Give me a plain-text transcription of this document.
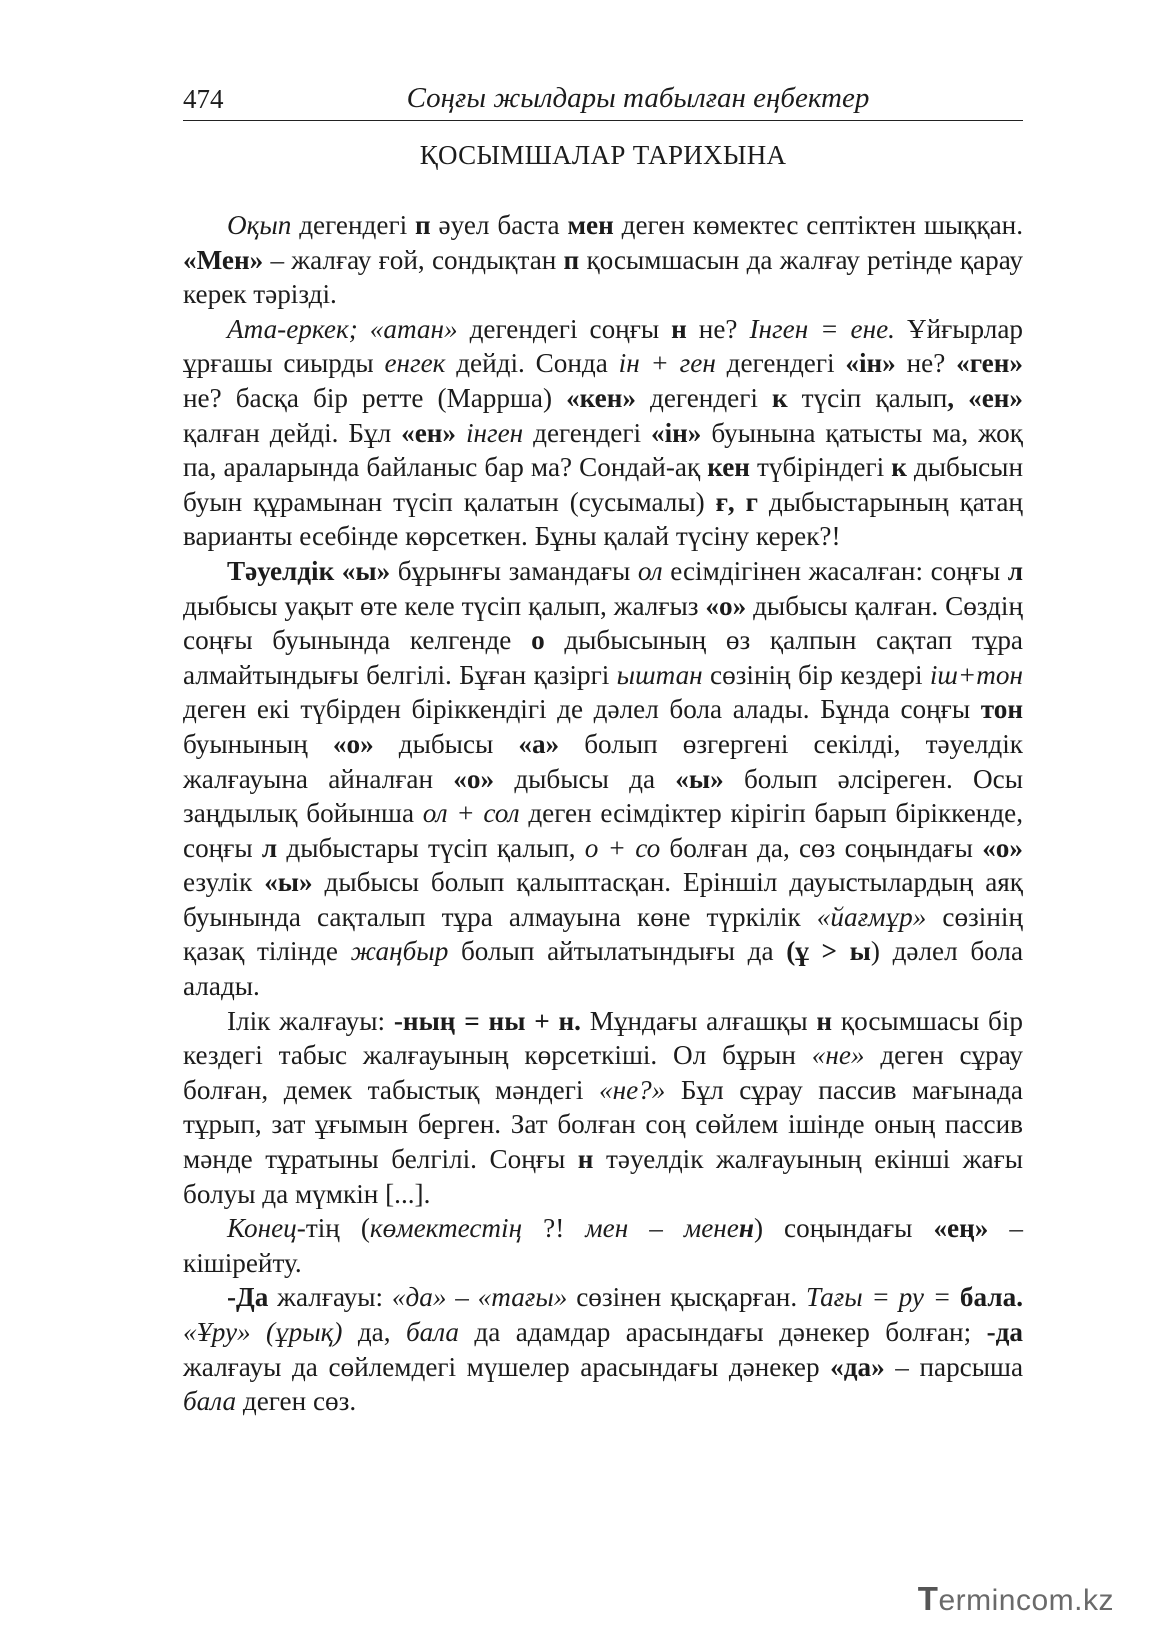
474	Соңғы жылдары табылған еңбектер
ҚОСЫМШАЛАР ТАРИХЫНА

Оқып дегендегі п әуел баста мен деген көмектес септіктен шыққан. «Мен» – жалғау ғой, сондықтан п қосымшасын да жалғау ретінде қарау керек тәрізді.

Ата-еркек; «атан» дегендегі соңғы н не? Інген = ене. Ұйғырлар ұрғашы сиырды енгек дейді. Сонда ін + ген дегендегі «ін» не? «ген» не? басқа бір ретте (Маррша) «кен» дегендегі к түсіп қалып, «ен» қалған дейді. Бұл «ен» інген дегендегі «ін» буынына қатысты ма, жоқ па, араларында байланыс бар ма? Сондай-ақ кен түбіріндегі к дыбысын буын құрамынан түсіп қалатын (сусымалы) ғ, г дыбыстарының қатаң варианты есебінде көрсеткен. Бұны қалай түсіну керек?!

Тәуелдік «ы» бұрынғы замандағы ол есімдігінен жасалған: соңғы л дыбысы уақыт өте келе түсіп қалып, жалғыз «о» дыбысы қалған. Сөздің соңғы буынында келгенде о дыбысының өз қалпын сақтап тұра алмайтындығы белгілі. Бұған қазіргі ыштан сөзінің бір кездері іш+тон деген екі түбірден біріккендігі де дәлел бола алады. Бұнда соңғы тон буынының «о» дыбысы «а» болып өзгергені секілді, тәуелдік жалғауына айналған «о» дыбысы да «ы» болып әлсіреген. Осы заңдылық бойынша ол + сол деген есімдіктер кірігіп барып біріккенде, соңғы л дыбыстары түсіп қалып, о + со болған да, сөз соңындағы «о» езулік «ы» дыбысы болып қалыптасқан. Еріншіл дауыстылардың аяқ буынында сақталып тұра алмауына көне түркілік «йағмұр» сөзінің қазақ тілінде жаңбыр болып айтылатындығы да (ұ > ы) дәлел бола алады.

Ілік жалғауы: -ның = ны + н. Мұндағы алғашқы н қосымшасы бір кездегі табыс жалғауының көрсеткіші. Ол бұрын «не» деген сұрау болған, демек табыстық мәндегі «не?» Бұл сұрау пассив мағынада тұрып, зат ұғымын берген. Зат болған соң сөйлем ішінде оның пассив мәнде тұратыны белгілі. Соңғы н тәуелдік жалғауының екінші жағы болуы да мүмкін [...].

Конец-тің (көмектестің ?! мен – менен) соңындағы «ең» – кішірейту.

-Да жалғауы: «да» – «тағы» сөзінен қысқарған. Тағы = ру = бала. «Ұру» (ұрық) да, бала да адамдар арасындағы дәнекер болған; -да жалғауы да сөйлемдегі мүшелер арасындағы дәнекер «да» – парсыша бала деген сөз.

Termincom.kz
